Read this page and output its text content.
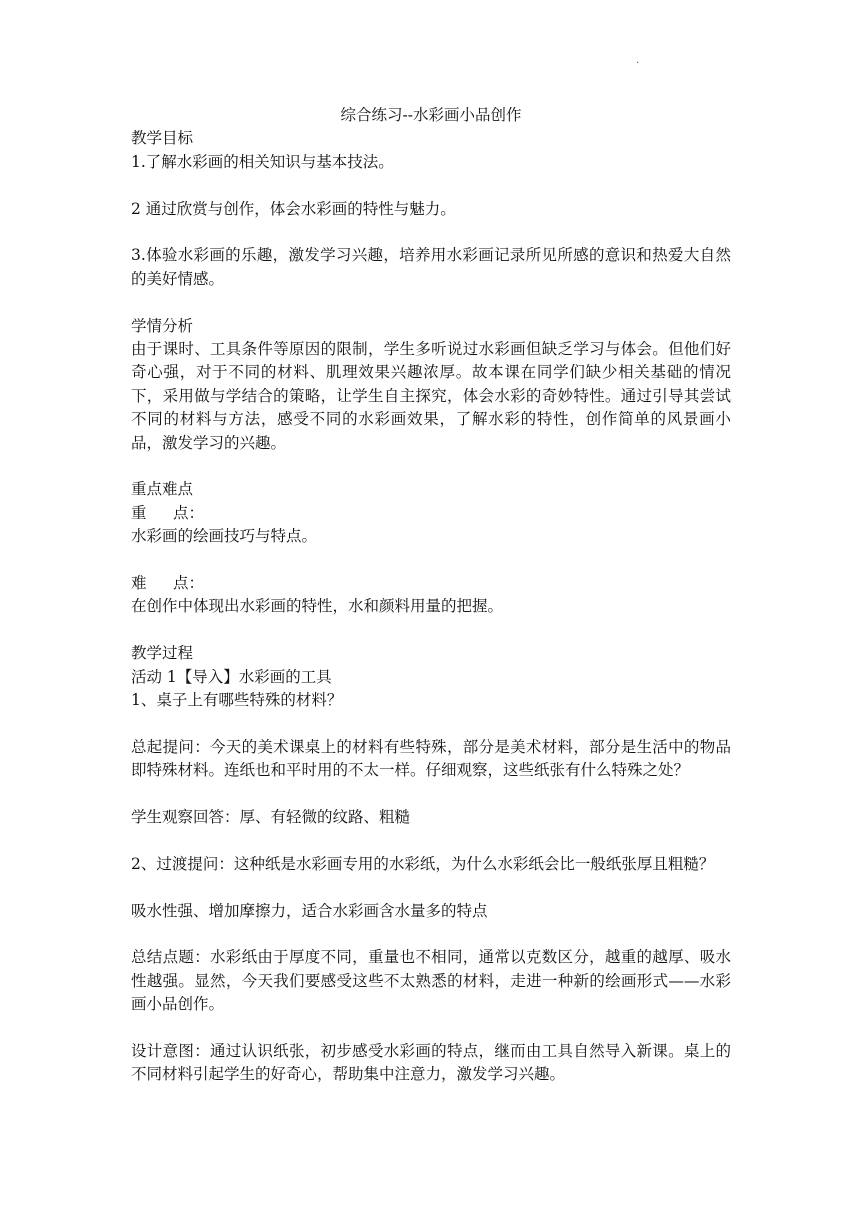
.

综合练习--水彩画小品创作

教学目标

1.了解水彩画的相关知识与基本技法。

2 通过欣赏与创作，体会水彩画的特性与魅力。

3.体验水彩画的乐趣，激发学习兴趣，培养用水彩画记录所见所感的意识和热爱大自然的美好情感。

学情分析

由于课时、工具条件等原因的限制，学生多听说过水彩画但缺乏学习与体会。但他们好奇心强，对于不同的材料、肌理效果兴趣浓厚。故本课在同学们缺少相关基础的情况下，采用做与学结合的策略，让学生自主探究，体会水彩的奇妙特性。通过引导其尝试不同的材料与方法，感受不同的水彩画效果，了解水彩的特性，创作简单的风景画小品，激发学习的兴趣。

重点难点

重 点：

水彩画的绘画技巧与特点。

难 点：

在创作中体现出水彩画的特性，水和颜料用量的把握。

教学过程

活动 1【导入】水彩画的工具

1、桌子上有哪些特殊的材料？

总起提问：今天的美术课桌上的材料有些特殊，部分是美术材料，部分是生活中的物品即特殊材料。连纸也和平时用的不太一样。仔细观察，这些纸张有什么特殊之处？

学生观察回答：厚、有轻微的纹路、粗糙

2、过渡提问：这种纸是水彩画专用的水彩纸，为什么水彩纸会比一般纸张厚且粗糙？

吸水性强、增加摩擦力，适合水彩画含水量多的特点

总结点题：水彩纸由于厚度不同，重量也不相同，通常以克数区分，越重的越厚、吸水性越强。显然，今天我们要感受这些不太熟悉的材料，走进一种新的绘画形式——水彩画小品创作。

设计意图：通过认识纸张，初步感受水彩画的特点，继而由工具自然导入新课。桌上的不同材料引起学生的好奇心，帮助集中注意力，激发学习兴趣。
